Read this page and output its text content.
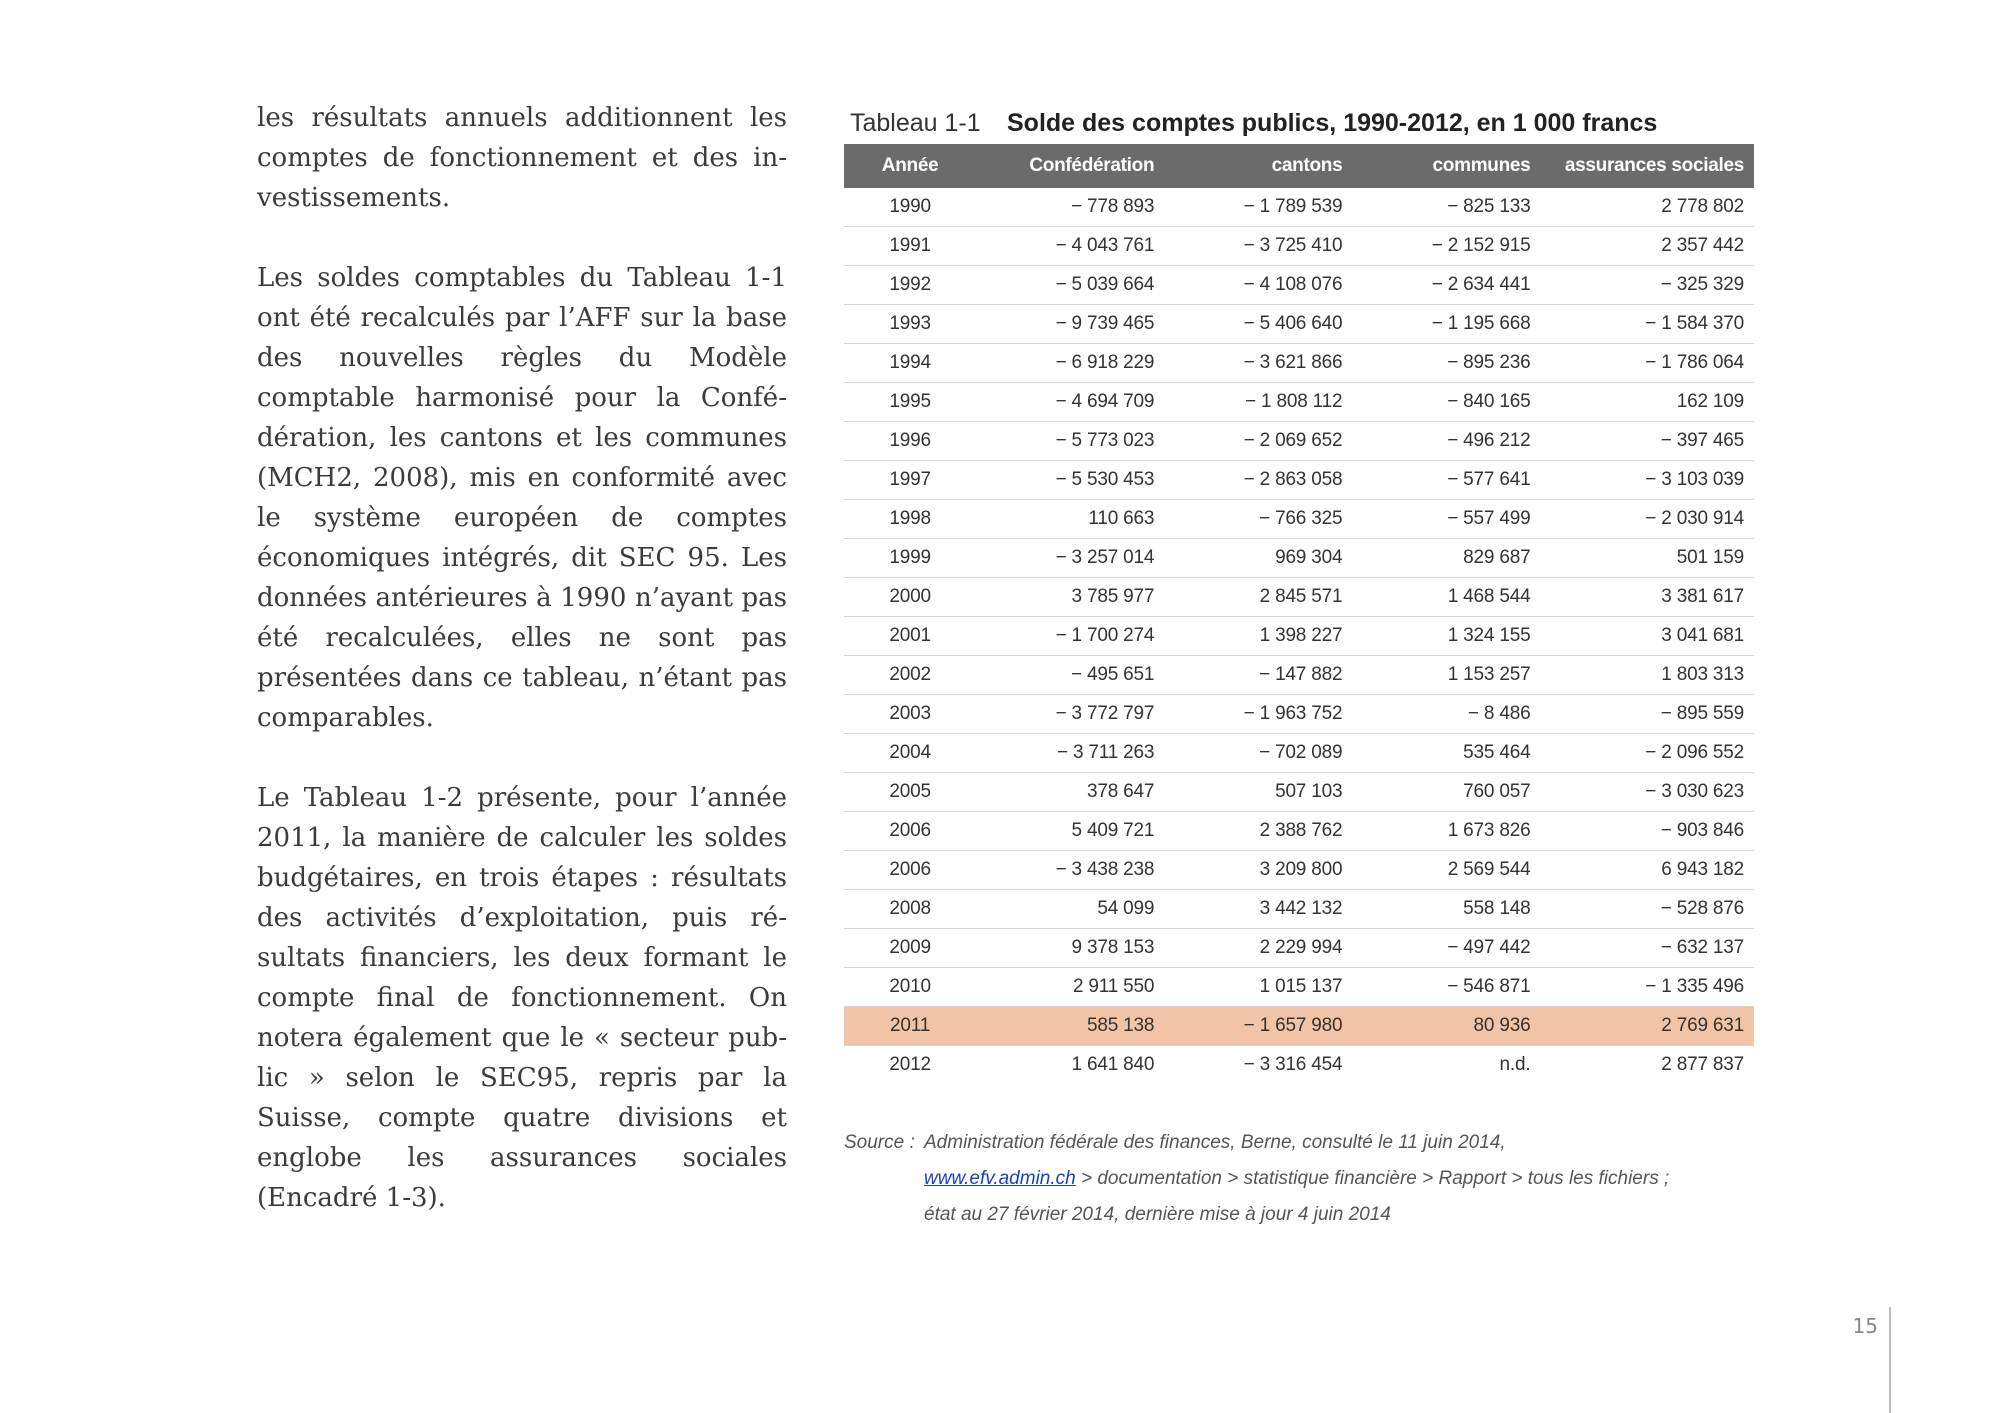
les résultats annuels additionnent les comptes de fonctionnement et des investissements.

Les soldes comptables du Tableau 1-1 ont été recalculés par l’AFF sur la base des nouvelles règles du Modèle comptable harmonisé pour la Confédération, les cantons et les communes (MCH2, 2008), mis en conformité avec le système européen de comptes économiques intégrés, dit SEC 95. Les données antérieures à 1990 n’ayant pas été recalculées, elles ne sont pas présentées dans ce tableau, n’étant pas comparables.

Le Tableau 1-2 présente, pour l’année 2011, la manière de calculer les soldes budgétaires, en trois étapes : résultats des activités d’exploitation, puis résultats financiers, les deux formant le compte final de fonctionnement. On notera également que le « secteur public » selon le SEC95, repris par la Suisse, compte quatre divisions et englobe les assurances sociales (Encadré 1-3).

Tableau 1-1 Solde des comptes publics, 1990-2012, en 1 000 francs
Année	Confédération	cantons	communes	assurances sociales
1990	− 778 893	− 1 789 539	− 825 133	2 778 802
1991	− 4 043 761	− 3 725 410	− 2 152 915	2 357 442
1992	− 5 039 664	− 4 108 076	− 2 634 441	− 325 329
1993	− 9 739 465	− 5 406 640	− 1 195 668	− 1 584 370
1994	− 6 918 229	− 3 621 866	− 895 236	− 1 786 064
1995	− 4 694 709	− 1 808 112	− 840 165	162 109
1996	− 5 773 023	− 2 069 652	− 496 212	− 397 465
1997	− 5 530 453	− 2 863 058	− 577 641	− 3 103 039
1998	110 663	− 766 325	− 557 499	− 2 030 914
1999	− 3 257 014	969 304	829 687	501 159
2000	3 785 977	2 845 571	1 468 544	3 381 617
2001	− 1 700 274	1 398 227	1 324 155	3 041 681
2002	− 495 651	− 147 882	1 153 257	1 803 313
2003	− 3 772 797	− 1 963 752	− 8 486	− 895 559
2004	− 3 711 263	− 702 089	535 464	− 2 096 552
2005	378 647	507 103	760 057	− 3 030 623
2006	5 409 721	2 388 762	1 673 826	− 903 846
2006	− 3 438 238	3 209 800	2 569 544	6 943 182
2008	54 099	3 442 132	558 148	− 528 876
2009	9 378 153	2 229 994	− 497 442	− 632 137
2010	2 911 550	1 015 137	− 546 871	− 1 335 496
2011	585 138	− 1 657 980	80 936	2 769 631
2012	1 641 840	− 3 316 454	n.d.	2 877 837
Source : Administration fédérale des finances, Berne, consulté le 11 juin 2014,
www.efv.admin.ch > documentation > statistique financière > Rapport > tous les fichiers ;
état au 27 février 2014, dernière mise à jour 4 juin 2014
15
